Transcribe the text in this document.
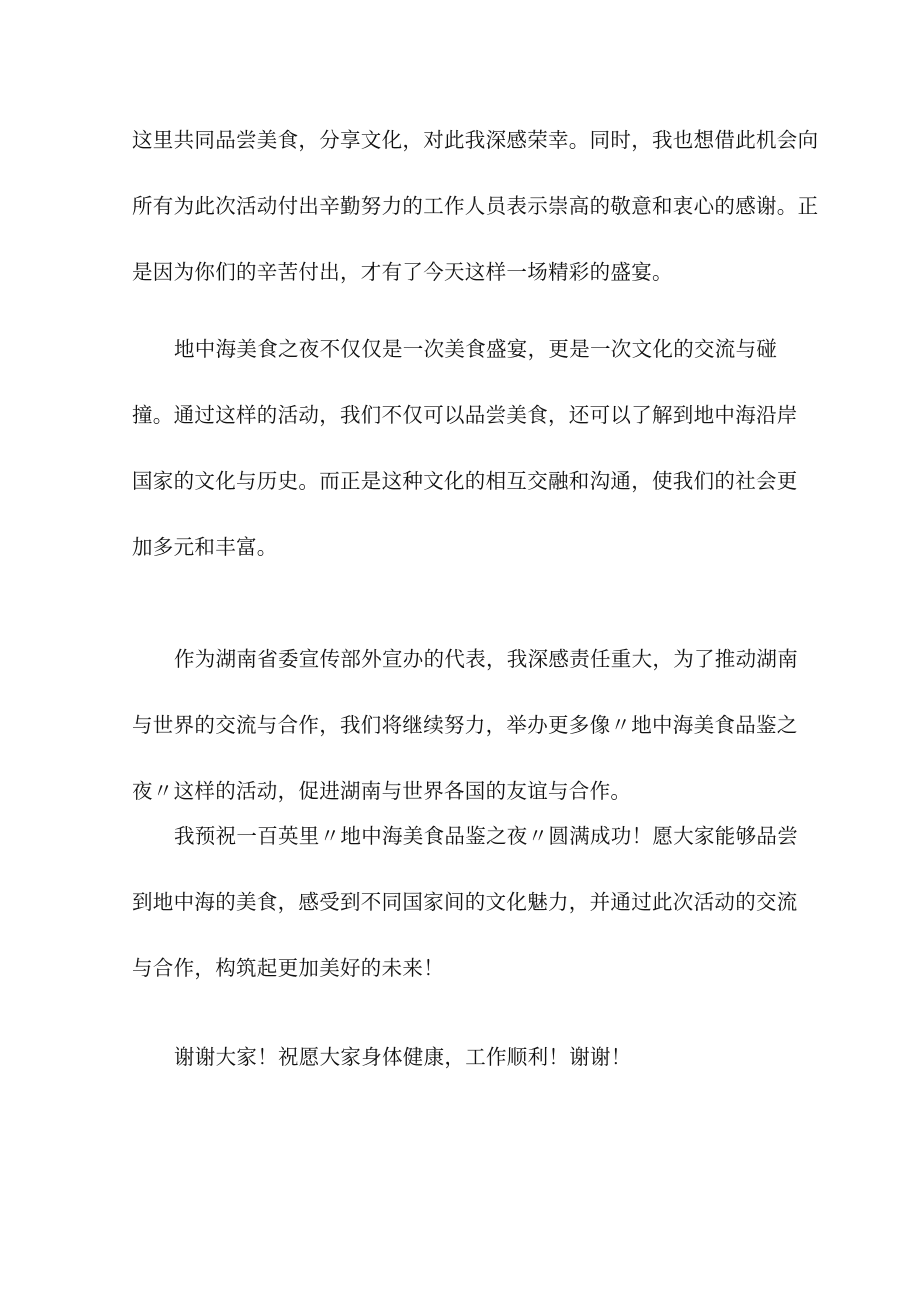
这里共同品尝美食，分享文化，对此我深感荣幸。同时，我也想借此机会向
所有为此次活动付出辛勤努力的工作人员表示崇高的敬意和衷心的感谢。正
是因为你们的辛苦付出，才有了今天这样一场精彩的盛宴。

地中海美食之夜不仅仅是一次美食盛宴，更是一次文化的交流与碰
撞。通过这样的活动，我们不仅可以品尝美食，还可以了解到地中海沿岸
国家的文化与历史。而正是这种文化的相互交融和沟通，使我们的社会更
加多元和丰富。

作为湖南省委宣传部外宣办的代表，我深感责任重大，为了推动湖南
与世界的交流与合作，我们将继续努力，举办更多像〃地中海美食品鉴之
夜〃这样的活动，促进湖南与世界各国的友谊与合作。

我预祝一百英里〃地中海美食品鉴之夜〃圆满成功！愿大家能够品尝
到地中海的美食，感受到不同国家间的文化魅力，并通过此次活动的交流
与合作，构筑起更加美好的未来！

谢谢大家！祝愿大家身体健康，工作顺利！谢谢！
